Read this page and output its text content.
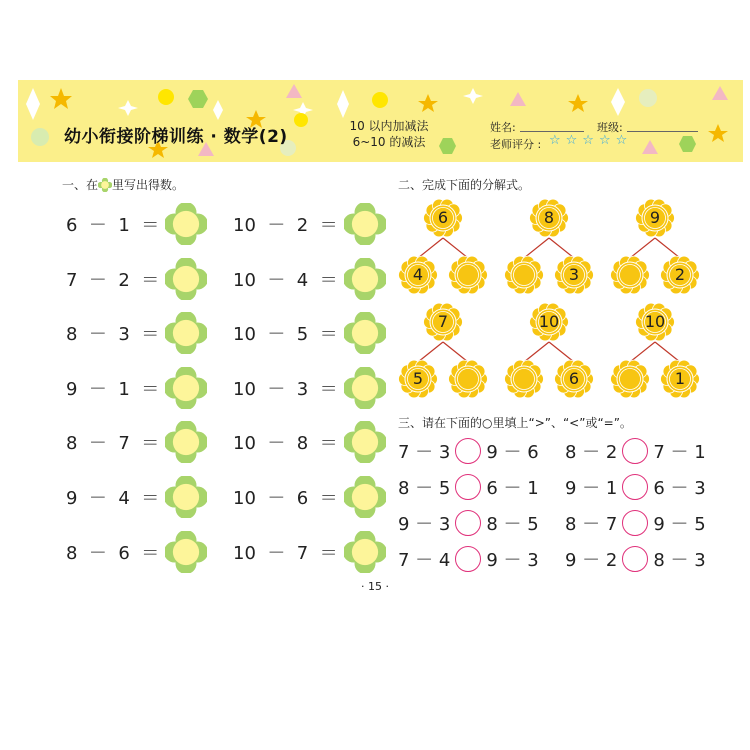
幼小衔接阶梯训练 · 数学(2)
10 以内加减法
6~10 的减法
姓名:	班级:
老师评分 : ☆☆☆☆☆
一、在 里写出得数。
6  －  1  ＝
7  －  2  ＝
8  －  3  ＝
9  －  1  ＝
8  －  7  ＝
9  －  4  ＝
8  －  6  ＝
10  －  2  ＝
10  －  4  ＝
10  －  5  ＝
10  －  3  ＝
10  －  8  ＝
10  －  6  ＝
10  －  7  ＝
二、完成下面的分解式。
6
4
8
3
9
2
7
5
10
6
10
1
三、请在下面的○里填上“>”、“<”或“=”。
7 － 3 9 － 6 8 － 2 7 － 1
8 － 5 6 － 1 9 － 1 6 － 3
9 － 3 8 － 5 8 － 7 9 － 5
7 － 4 9 － 3 9 － 2 8 － 3
· 15 ·
